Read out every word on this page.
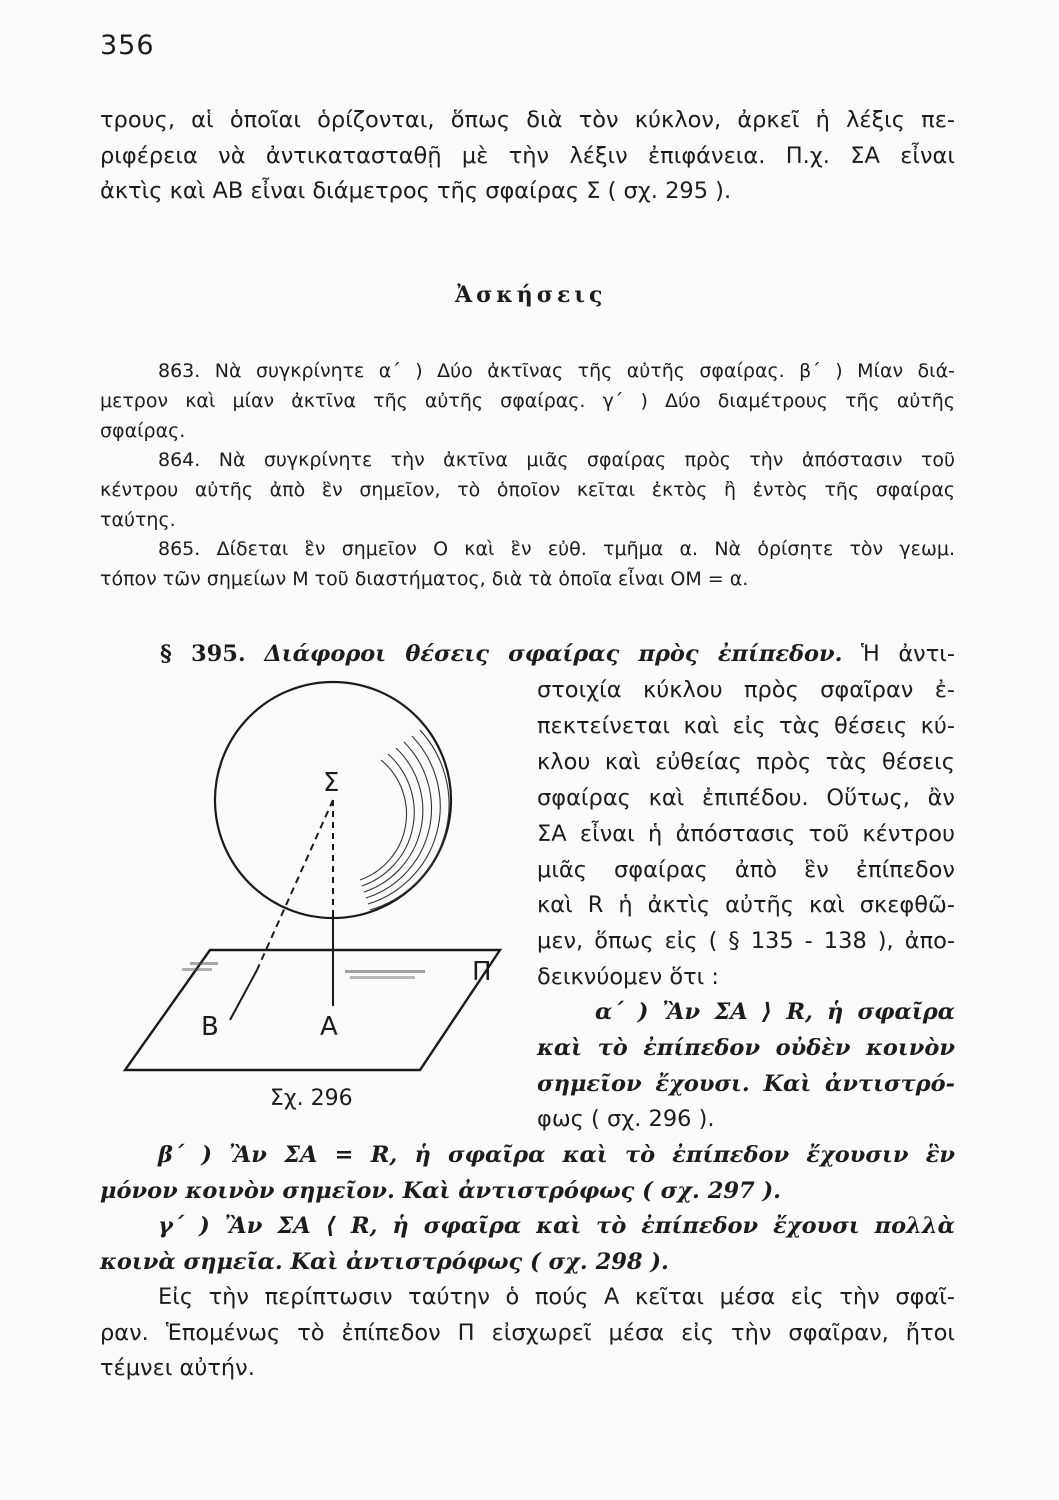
356
τρους, αἱ ὁποῖαι ὁρίζονται, ὅπως διὰ τὸν κύκλον, ἀρκεῖ ἡ λέξις πε-
ριφέρεια νὰ ἀντικατασταθῇ μὲ τὴν λέξιν ἐπιφάνεια. Π.χ. ΣΑ εἶναι
ἀκτὶς καὶ ΑΒ εἶναι διάμετρος τῆς σφαίρας Σ ( σχ. 295 ).
Ἀσκήσεις
863. Νὰ συγκρίνητε α΄ ) Δύο ἀκτῖνας τῆς αὐτῆς σφαίρας. β΄ ) Μίαν διά-
μετρον καὶ μίαν ἀκτῖνα τῆς αὐτῆς σφαίρας. γ΄ ) Δύο διαμέτρους τῆς αὐτῆς
σφαίρας.
864. Νὰ συγκρίνητε τὴν ἀκτῖνα μιᾶς σφαίρας πρὸς τὴν ἀπόστασιν τοῦ
κέντρου αὐτῆς ἀπὸ ἓν σημεῖον, τὸ ὁποῖον κεῖται ἐκτὸς ἢ ἐντὸς τῆς σφαίρας
ταύτης.
865. Δίδεται ἓν σημεῖον Ο καὶ ἓν εὐθ. τμῆμα α. Νὰ ὁρίσητε τὸν γεωμ.
τόπον τῶν σημείων Μ τοῦ διαστήματος, διὰ τὰ ὁποῖα εἶναι ΟΜ = α.
§ 395. Διάφοροι θέσεις σφαίρας πρὸς ἐπίπεδον. Ἡ ἀντι-
στοιχία κύκλου πρὸς σφαῖραν ἐ-
πεκτείνεται καὶ εἰς τὰς θέσεις κύ-
κλου καὶ εὐθείας πρὸς τὰς θέσεις
σφαίρας καὶ ἐπιπέδου. Οὕτως, ἂν
ΣΑ εἶναι ἡ ἀπόστασις τοῦ κέντρου
μιᾶς σφαίρας ἀπὸ ἓν ἐπίπεδον
καὶ R ἡ ἀκτὶς αὐτῆς καὶ σκεφθῶ-
μεν, ὅπως εἰς ( § 135 - 138 ), ἀπο-
δεικνύομεν ὅτι :
α΄ ) Ἂν ΣΑ ⟩ R, ἡ σφαῖρα
καὶ τὸ ἐπίπεδον οὐδὲν κοινὸν
σημεῖον ἔχουσι. Καὶ ἀντιστρό-
φως ( σχ. 296 ).
β΄ ) Ἂν ΣΑ = R, ἡ σφαῖρα καὶ τὸ ἐπίπεδον ἔχουσιν ἓν
μόνον κοινὸν σημεῖον. Καὶ ἀντιστρόφως ( σχ. 297 ).
γ΄ ) Ἂν ΣΑ ⟨ R, ἡ σφαῖρα καὶ τὸ ἐπίπεδον ἔχουσι πολλὰ
κοινὰ σημεῖα. Καὶ ἀντιστρόφως ( σχ. 298 ).
Εἰς τὴν περίπτωσιν ταύτην ὁ πούς Α κεῖται μέσα εἰς τὴν σφαῖ-
ραν. Ἑπομένως τὸ ἐπίπεδον Π εἰσχωρεῖ μέσα εἰς τὴν σφαῖραν, ἤτοι
τέμνει αὐτήν.
Σ
Π
Β	Α
Σχ. 296
